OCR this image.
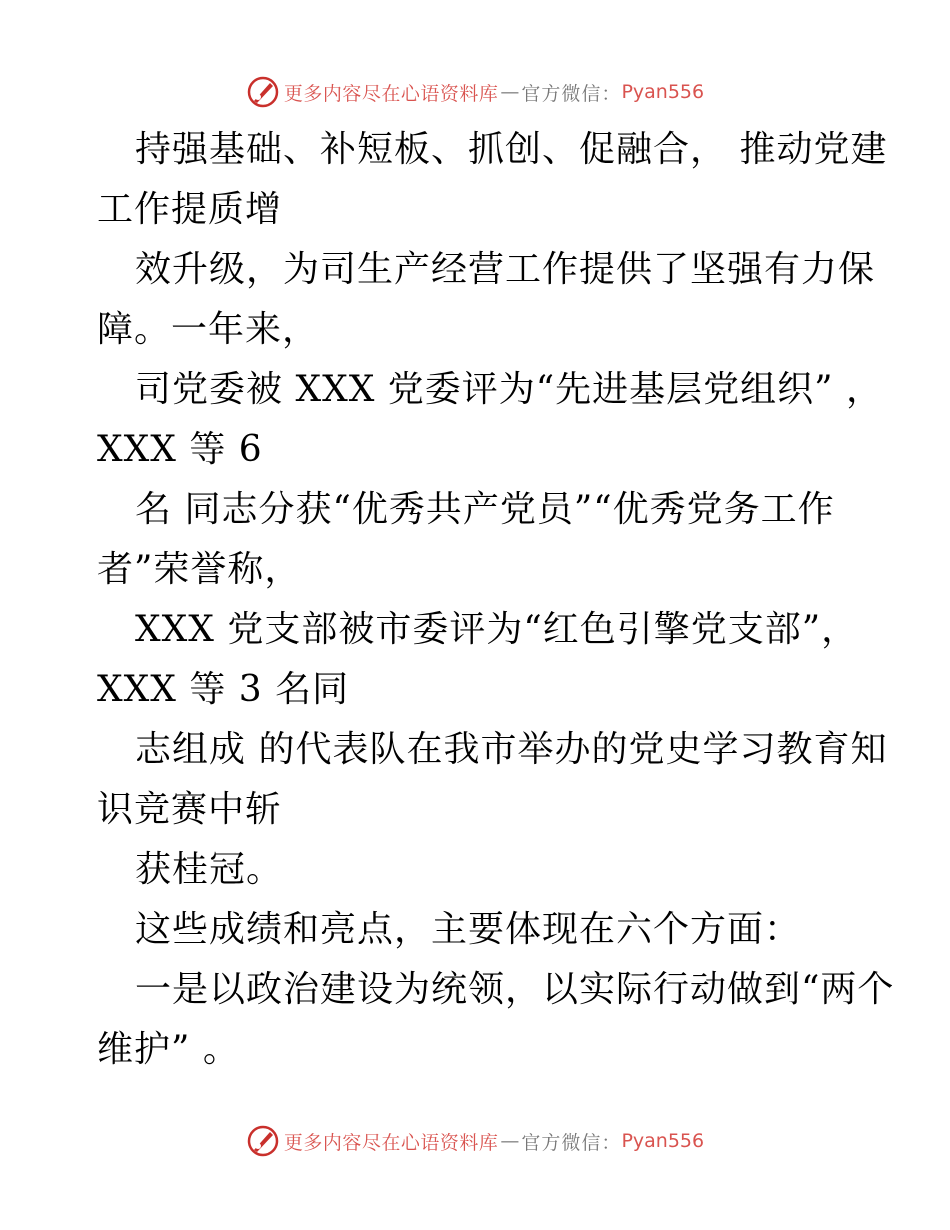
更多内容尽在心语资料库 — 官方微信： Pyan556
持强基础、补短板、抓创、促融合， 推动党建
工作提质增
效升级，为司生产经营工作提供了坚强有力保
障。一年来，
司党委被 XXX 党委评为“先进基层党组织” ，
XXX 等 6
名 同志分获“优秀共产党员”“优秀党务工作
者”荣誉称，
XXX 党支部被市委评为“红色引擎党支部”，
XXX 等 3 名同
志组成 的代表队在我市举办的党史学习教育知
识竞赛中斩
获桂冠。
这些成绩和亮点，主要体现在六个方面：
一是以政治建设为统领，以实际行动做到“两个
维护” 。
更多内容尽在心语资料库 — 官方微信： Pyan556
